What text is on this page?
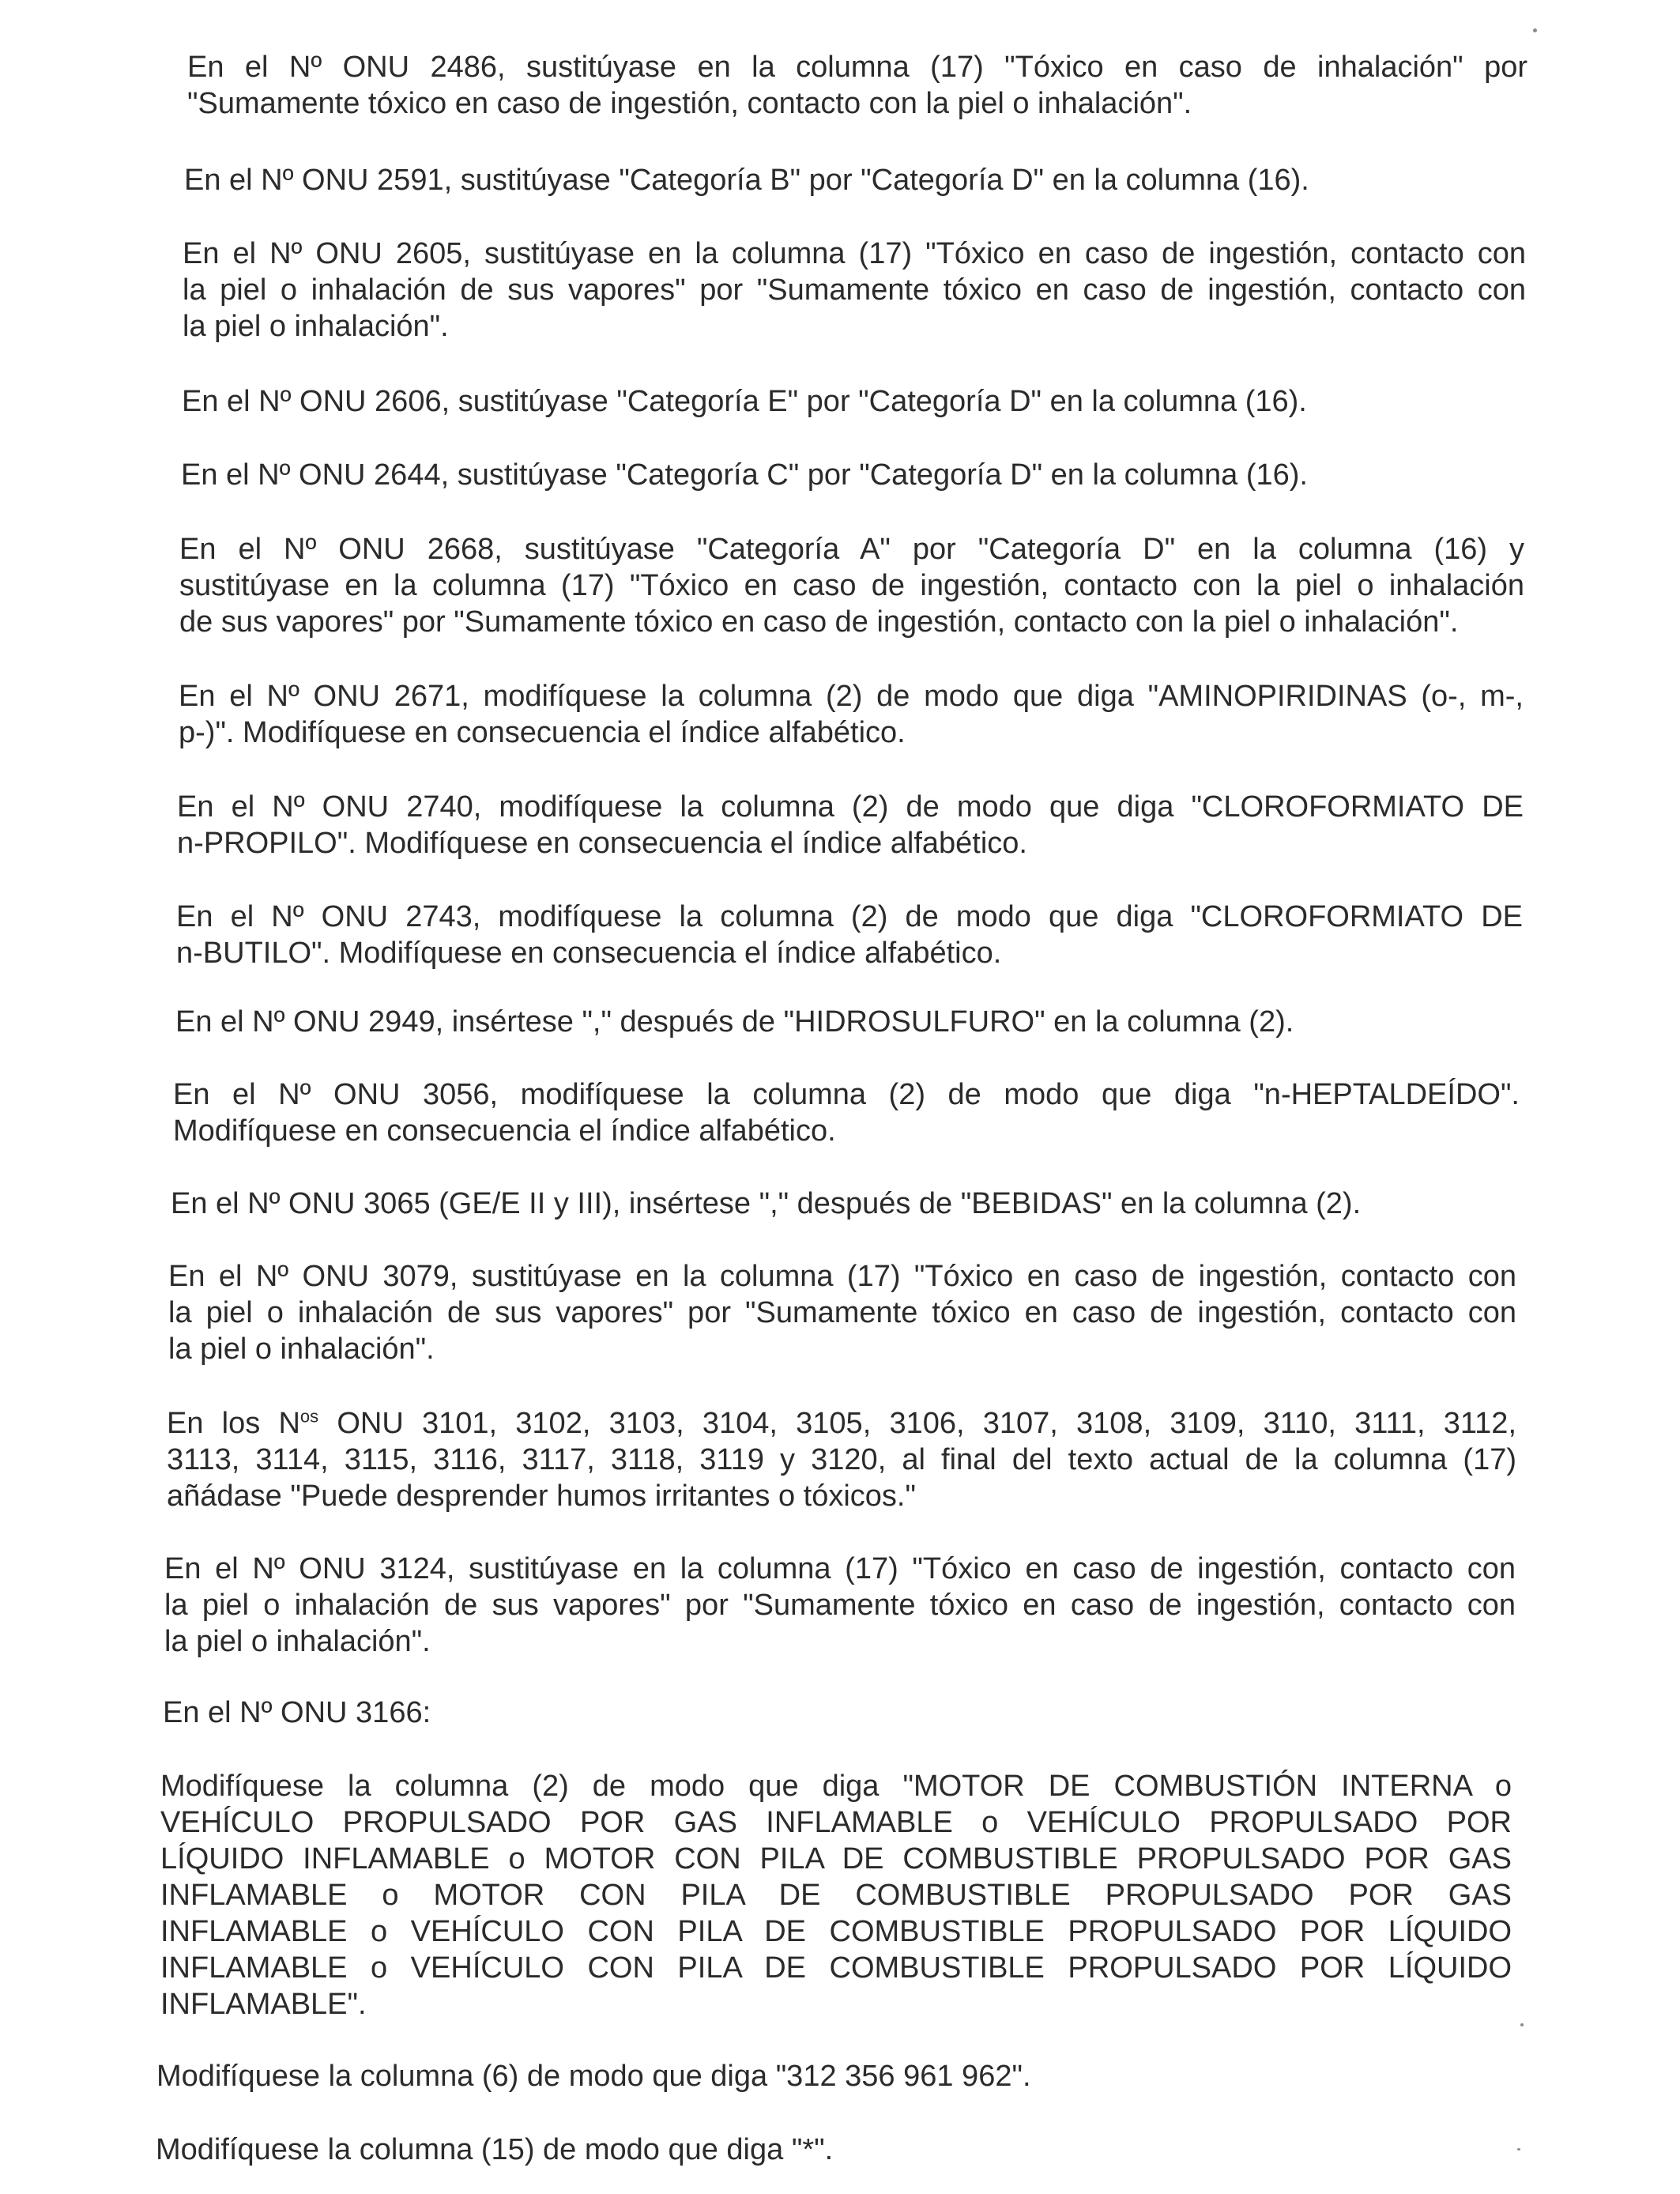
En el Nº ONU 2486, sustitúyase en la columna (17) "Tóxico en caso de inhalación" por
"Sumamente tóxico en caso de ingestión, contacto con la piel o inhalación".
En el Nº ONU 2591, sustitúyase "Categoría B" por "Categoría D" en la columna (16).
En el Nº ONU 2605, sustitúyase en la columna (17) "Tóxico en caso de ingestión, contacto con
la piel o inhalación de sus vapores" por "Sumamente tóxico en caso de ingestión, contacto con
la piel o inhalación".
En el Nº ONU 2606, sustitúyase "Categoría E" por "Categoría D" en la columna (16).
En el Nº ONU 2644, sustitúyase "Categoría C" por "Categoría D" en la columna (16).
En el Nº ONU 2668, sustitúyase "Categoría A" por "Categoría D" en la columna (16) y
sustitúyase en la columna (17) "Tóxico en caso de ingestión, contacto con la piel o inhalación
de sus vapores" por "Sumamente tóxico en caso de ingestión, contacto con la piel o inhalación".
En el Nº ONU 2671, modifíquese la columna (2) de modo que diga "AMINOPIRIDINAS (o-, m-,
p-)". Modifíquese en consecuencia el índice alfabético.
En el Nº ONU 2740, modifíquese la columna (2) de modo que diga "CLOROFORMIATO DE
n-PROPILO". Modifíquese en consecuencia el índice alfabético.
En el Nº ONU 2743, modifíquese la columna (2) de modo que diga "CLOROFORMIATO DE
n-BUTILO". Modifíquese en consecuencia el índice alfabético.
En el Nº ONU 2949, insértese "," después de "HIDROSULFURO" en la columna (2).
En el Nº ONU 3056, modifíquese la columna (2) de modo que diga "n-HEPTALDEÍDO".
Modifíquese en consecuencia el índice alfabético.
En el Nº ONU 3065 (GE/E II y III), insértese "," después de "BEBIDAS" en la columna (2).
En el Nº ONU 3079, sustitúyase en la columna (17) "Tóxico en caso de ingestión, contacto con
la piel o inhalación de sus vapores" por "Sumamente tóxico en caso de ingestión, contacto con
la piel o inhalación".
En los $N^{os}$ ONU 3101, 3102, 3103, 3104, 3105, 3106, 3107, 3108, 3109, 3110, 3111, 3112,
3113, 3114, 3115, 3116, 3117, 3118, 3119 y 3120, al final del texto actual de la columna (17)
añádase "Puede desprender humos irritantes o tóxicos."
En el Nº ONU 3124, sustitúyase en la columna (17) "Tóxico en caso de ingestión, contacto con
la piel o inhalación de sus vapores" por "Sumamente tóxico en caso de ingestión, contacto con
la piel o inhalación".
En el Nº ONU 3166:
Modifíquese la columna (2) de modo que diga "MOTOR DE COMBUSTIÓN INTERNA o
VEHÍCULO PROPULSADO POR GAS INFLAMABLE o VEHÍCULO PROPULSADO POR
LÍQUIDO INFLAMABLE o MOTOR CON PILA DE COMBUSTIBLE PROPULSADO POR GAS
INFLAMABLE o MOTOR CON PILA DE COMBUSTIBLE PROPULSADO POR GAS
INFLAMABLE o VEHÍCULO CON PILA DE COMBUSTIBLE PROPULSADO POR LÍQUIDO
INFLAMABLE o VEHÍCULO CON PILA DE COMBUSTIBLE PROPULSADO POR LÍQUIDO
INFLAMABLE".
Modifíquese la columna (6) de modo que diga "312 356 961 962".
Modifíquese la columna (15) de modo que diga "*".
